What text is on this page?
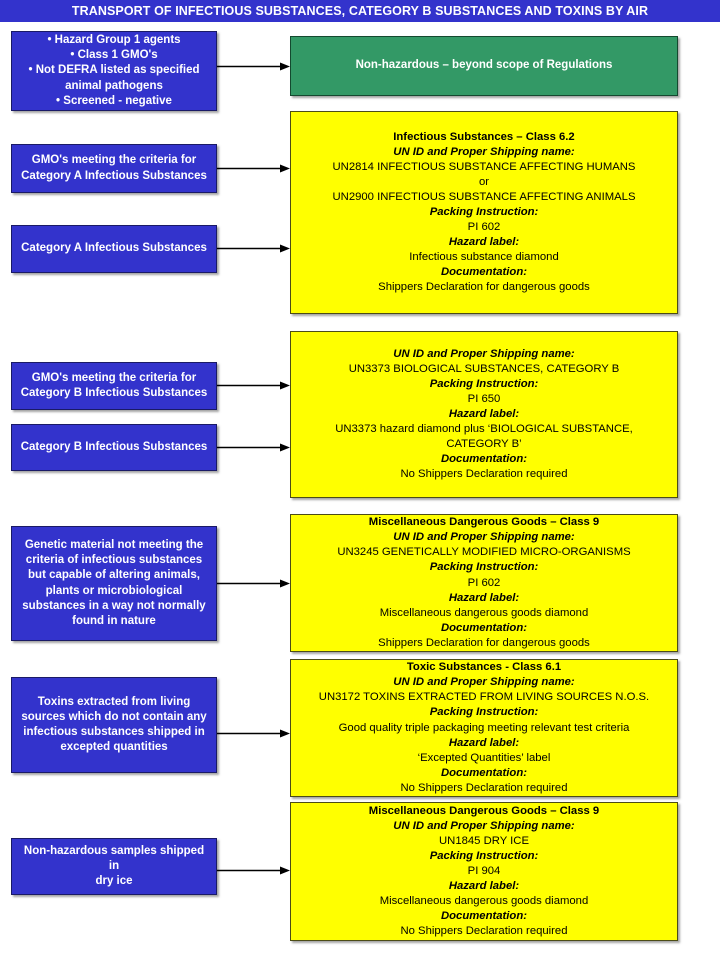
TRANSPORT OF INFECTIOUS SUBSTANCES, CATEGORY B SUBSTANCES AND TOXINS BY AIR
• Hazard Group 1 agents
• Class 1 GMO's
• Not DEFRA listed as specified
animal pathogens
• Screened - negative
GMO's meeting the criteria for
Category A Infectious Substances
Category A Infectious Substances
GMO's meeting the criteria for
Category B Infectious Substances
Category B Infectious Substances
Genetic material not meeting the
criteria of infectious substances
but capable of altering animals,
plants or microbiological
substances in a way not normally
found in nature
Toxins extracted from living
sources which do not contain any
infectious substances shipped in
excepted quantities
Non-hazardous samples shipped in
dry ice
Non-hazardous – beyond scope of Regulations
Infectious Substances – Class 6.2
UN ID and Proper Shipping name:
UN2814 INFECTIOUS SUBSTANCE AFFECTING HUMANS
or
UN2900 INFECTIOUS SUBSTANCE AFFECTING ANIMALS
Packing Instruction:
PI 602
Hazard label:
Infectious substance diamond
Documentation:
Shippers Declaration for dangerous goods
UN ID and Proper Shipping name:
UN3373 BIOLOGICAL SUBSTANCES, CATEGORY B
Packing Instruction:
PI 650
Hazard label:
UN3373 hazard diamond plus ‘BIOLOGICAL SUBSTANCE, CATEGORY B’
Documentation:
No Shippers Declaration required
Miscellaneous Dangerous Goods – Class 9
UN ID and Proper Shipping name:
UN3245 GENETICALLY MODIFIED MICRO-ORGANISMS
Packing Instruction:
PI 602
Hazard label:
Miscellaneous dangerous goods diamond
Documentation:
Shippers Declaration for dangerous goods
Toxic Substances - Class 6.1
UN ID and Proper Shipping name:
UN3172 TOXINS EXTRACTED FROM LIVING SOURCES N.O.S.
Packing Instruction:
Good quality triple packaging meeting relevant test criteria
Hazard label:
‘Excepted Quantities’ label
Documentation:
No Shippers Declaration required
Miscellaneous Dangerous Goods – Class 9
UN ID and Proper Shipping name:
UN1845 DRY ICE
Packing Instruction:
PI 904
Hazard label:
Miscellaneous dangerous goods diamond
Documentation:
No Shippers Declaration required
